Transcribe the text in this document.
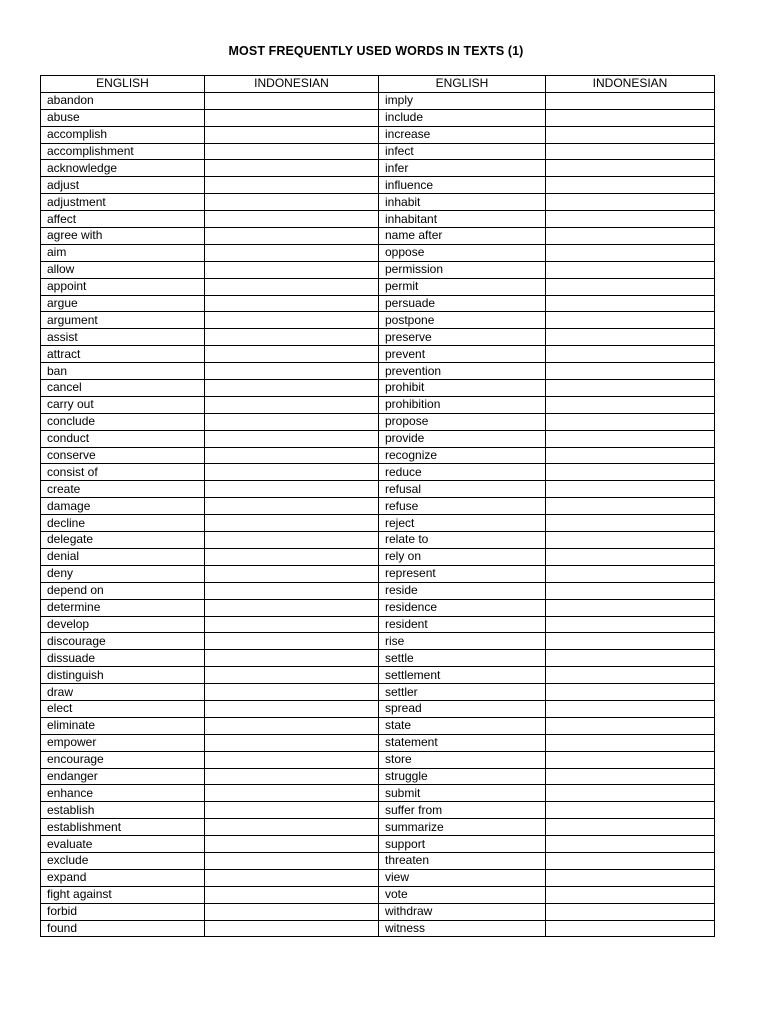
MOST FREQUENTLY USED WORDS IN TEXTS (1)
ENGLISH	INDONESIAN	ENGLISH	INDONESIAN
abandon		imply	
abuse		include	
accomplish		increase	
accomplishment		infect	
acknowledge		infer	
adjust		influence	
adjustment		inhabit	
affect		inhabitant	
agree with		name after	
aim		oppose	
allow		permission	
appoint		permit	
argue		persuade	
argument		postpone	
assist		preserve	
attract		prevent	
ban		prevention	
cancel		prohibit	
carry out		prohibition	
conclude		propose	
conduct		provide	
conserve		recognize	
consist of		reduce	
create		refusal	
damage		refuse	
decline		reject	
delegate		relate to	
denial		rely on	
deny		represent	
depend on		reside	
determine		residence	
develop		resident	
discourage		rise	
dissuade		settle	
distinguish		settlement	
draw		settler	
elect		spread	
eliminate		state	
empower		statement	
encourage		store	
endanger		struggle	
enhance		submit	
establish		suffer from	
establishment		summarize	
evaluate		support	
exclude		threaten	
expand		view	
fight against		vote	
forbid		withdraw	
found		witness	
